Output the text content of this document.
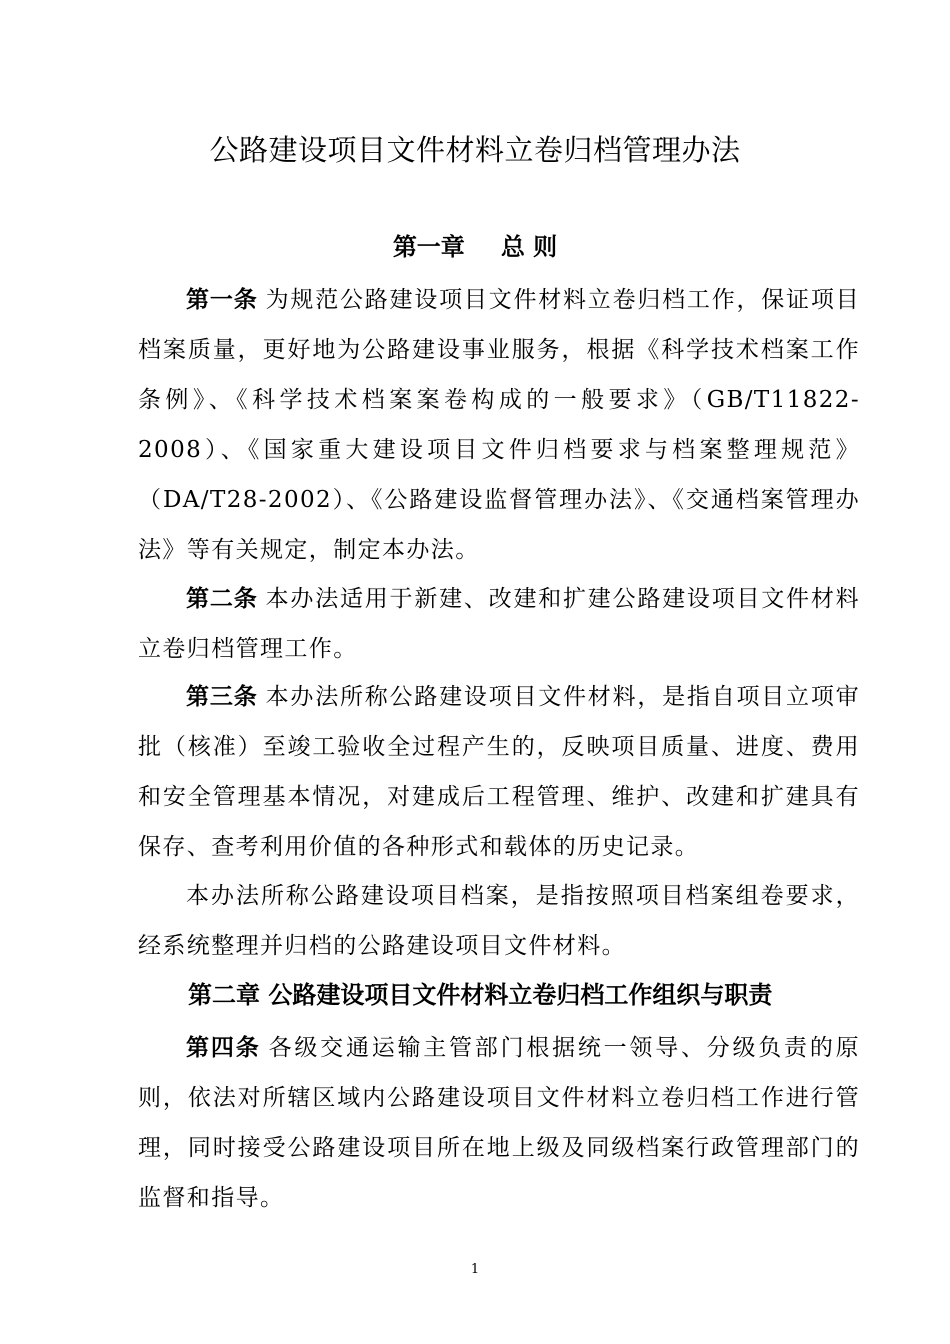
公路建设项目文件材料立卷归档管理办法
第一章 总 则

第一条 为规范公路建设项目文件材料立卷归档工作，保证项目档案质量，更好地为公路建设事业服务，根据《科学技术档案工作条例》、《科学技术档案案卷构成的一般要求》（GB/T11822-2008）、《国家重大建设项目文件归档要求与档案整理规范》（DA/T28-2002）、《公路建设监督管理办法》、《交通档案管理办法》等有关规定，制定本办法。

第二条 本办法适用于新建、改建和扩建公路建设项目文件材料立卷归档管理工作。

第三条 本办法所称公路建设项目文件材料，是指自项目立项审批（核准）至竣工验收全过程产生的，反映项目质量、进度、费用和安全管理基本情况，对建成后工程管理、维护、改建和扩建具有保存、查考利用价值的各种形式和载体的历史记录。

本办法所称公路建设项目档案，是指按照项目档案组卷要求，经系统整理并归档的公路建设项目文件材料。

第二章 公路建设项目文件材料立卷归档工作组织与职责

第四条 各级交通运输主管部门根据统一领导、分级负责的原则，依法对所辖区域内公路建设项目文件材料立卷归档工作进行管理，同时接受公路建设项目所在地上级及同级档案行政管理部门的监督和指导。

1
